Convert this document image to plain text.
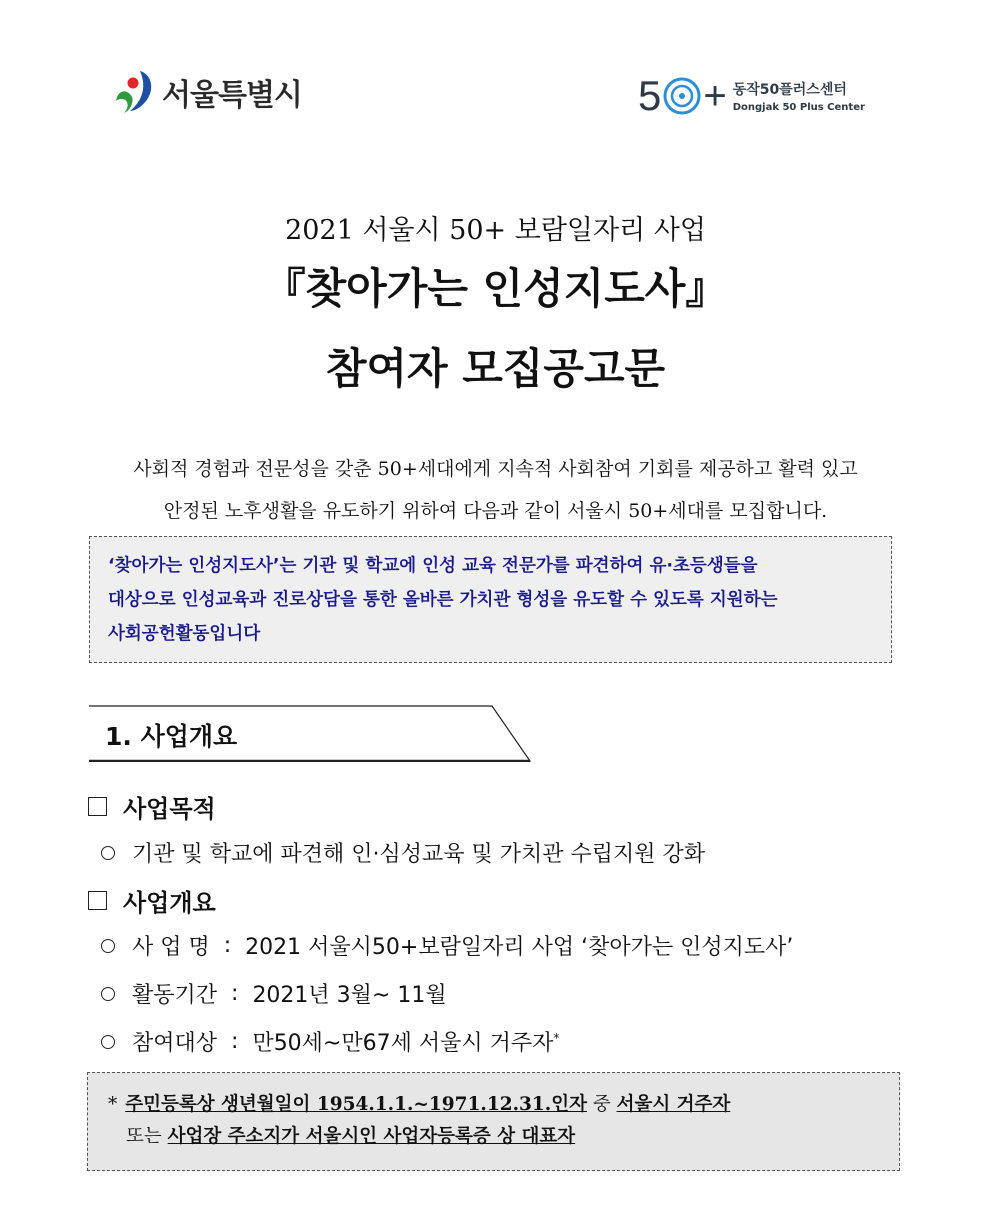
서울특별시	5 + 동작50플러스센터
Dongjak 50 Plus Center
2021 서울시 50+ 보람일자리 사업
『찾아가는 인성지도사』
참여자 모집공고문
사회적 경험과 전문성을 갖춘 50+세대에게 지속적 사회참여 기회를 제공하고 활력 있고
안정된 노후생활을 유도하기 위하여 다음과 같이 서울시 50+세대를 모집합니다.

‘찾아가는 인성지도사’는 기관 및 학교에 인성 교육 전문가를 파견하여 유·초등생들을

대상으로 인성교육과 진로상담을 통한 올바른 가치관 형성을 유도할 수 있도록 지원하는

사회공헌활동입니다

1. 사업개요
사업목적
기관 및 학교에 파견해 인·심성교육 및 가치관 수립지원 강화
사업개요
사 업 명 : 2021 서울시50+보람일자리 사업 ‘찾아가는 인성지도사’
활동기간 : 2021년 3월~ 11월
참여대상 : 만50세~만67세 서울시 거주자*
* 주민등록상 생년월일이 1954.1.1.~1971.12.31.인자 중 서울시 거주자
또는 사업장 주소지가 서울시인 사업자등록증 상 대표자
